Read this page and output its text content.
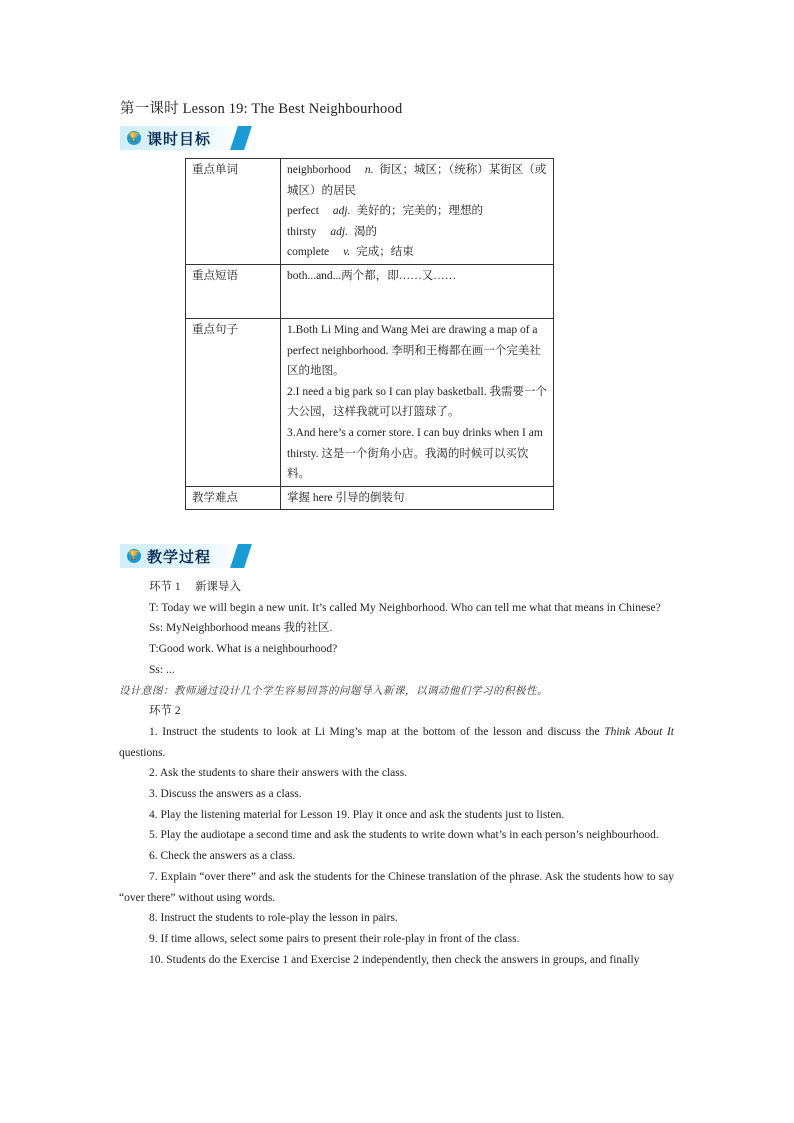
第一课时 Lesson 19: The Best Neighbourhood
🏆 课时目标
重点单词	neighborhood n. 街区；城区；（统称）某街区（或城区）的居民
perfect adj. 美好的；完美的；理想的
thirsty adj. 渴的
complete v. 完成；结束

重点短语	both...and...两个都，即……又……
重点句子	1.Both Li Ming and Wang Mei are drawing a map of a perfect neighborhood. 李明和王梅都在画一个完美社区的地图。
2.I need a big park so I can play basketball. 我需要一个大公园，这样我就可以打篮球了。
3.And here’s a corner store. I can buy drinks when I am thirsty. 这是一个街角小店。我渴的时候可以买饮料。

教学难点	掌握 here 引导的倒装句
🏆 教学过程

环节 1　 新课导入

T: Today we will begin a new unit. It’s called My Neighborhood. Who can tell me what that means in Chinese?

Ss: MyNeighborhood means 我的社区.

T:Good work. What is a neighbourhood?

Ss: ...

设计意图：教师通过设计几个学生容易回答的问题导入新课，以调动他们学习的积极性。

环节 2

1. Instruct the students to look at Li Ming’s map at the bottom of the lesson and discuss the Think About It questions.

2. Ask the students to share their answers with the class.

3. Discuss the answers as a class.

4. Play the listening material for Lesson 19. Play it once and ask the students just to listen.

5. Play the audiotape a second time and ask the students to write down what’s in each person’s neighbourhood.

6. Check the answers as a class.

7. Explain “over there” and ask the students for the Chinese translation of the phrase. Ask the students how to say “over there” without using words.

8. Instruct the students to role-play the lesson in pairs.

9. If time allows, select some pairs to present their role-play in front of the class.

10. Students do the Exercise 1 and Exercise 2 independently, then check the answers in groups, and finally
